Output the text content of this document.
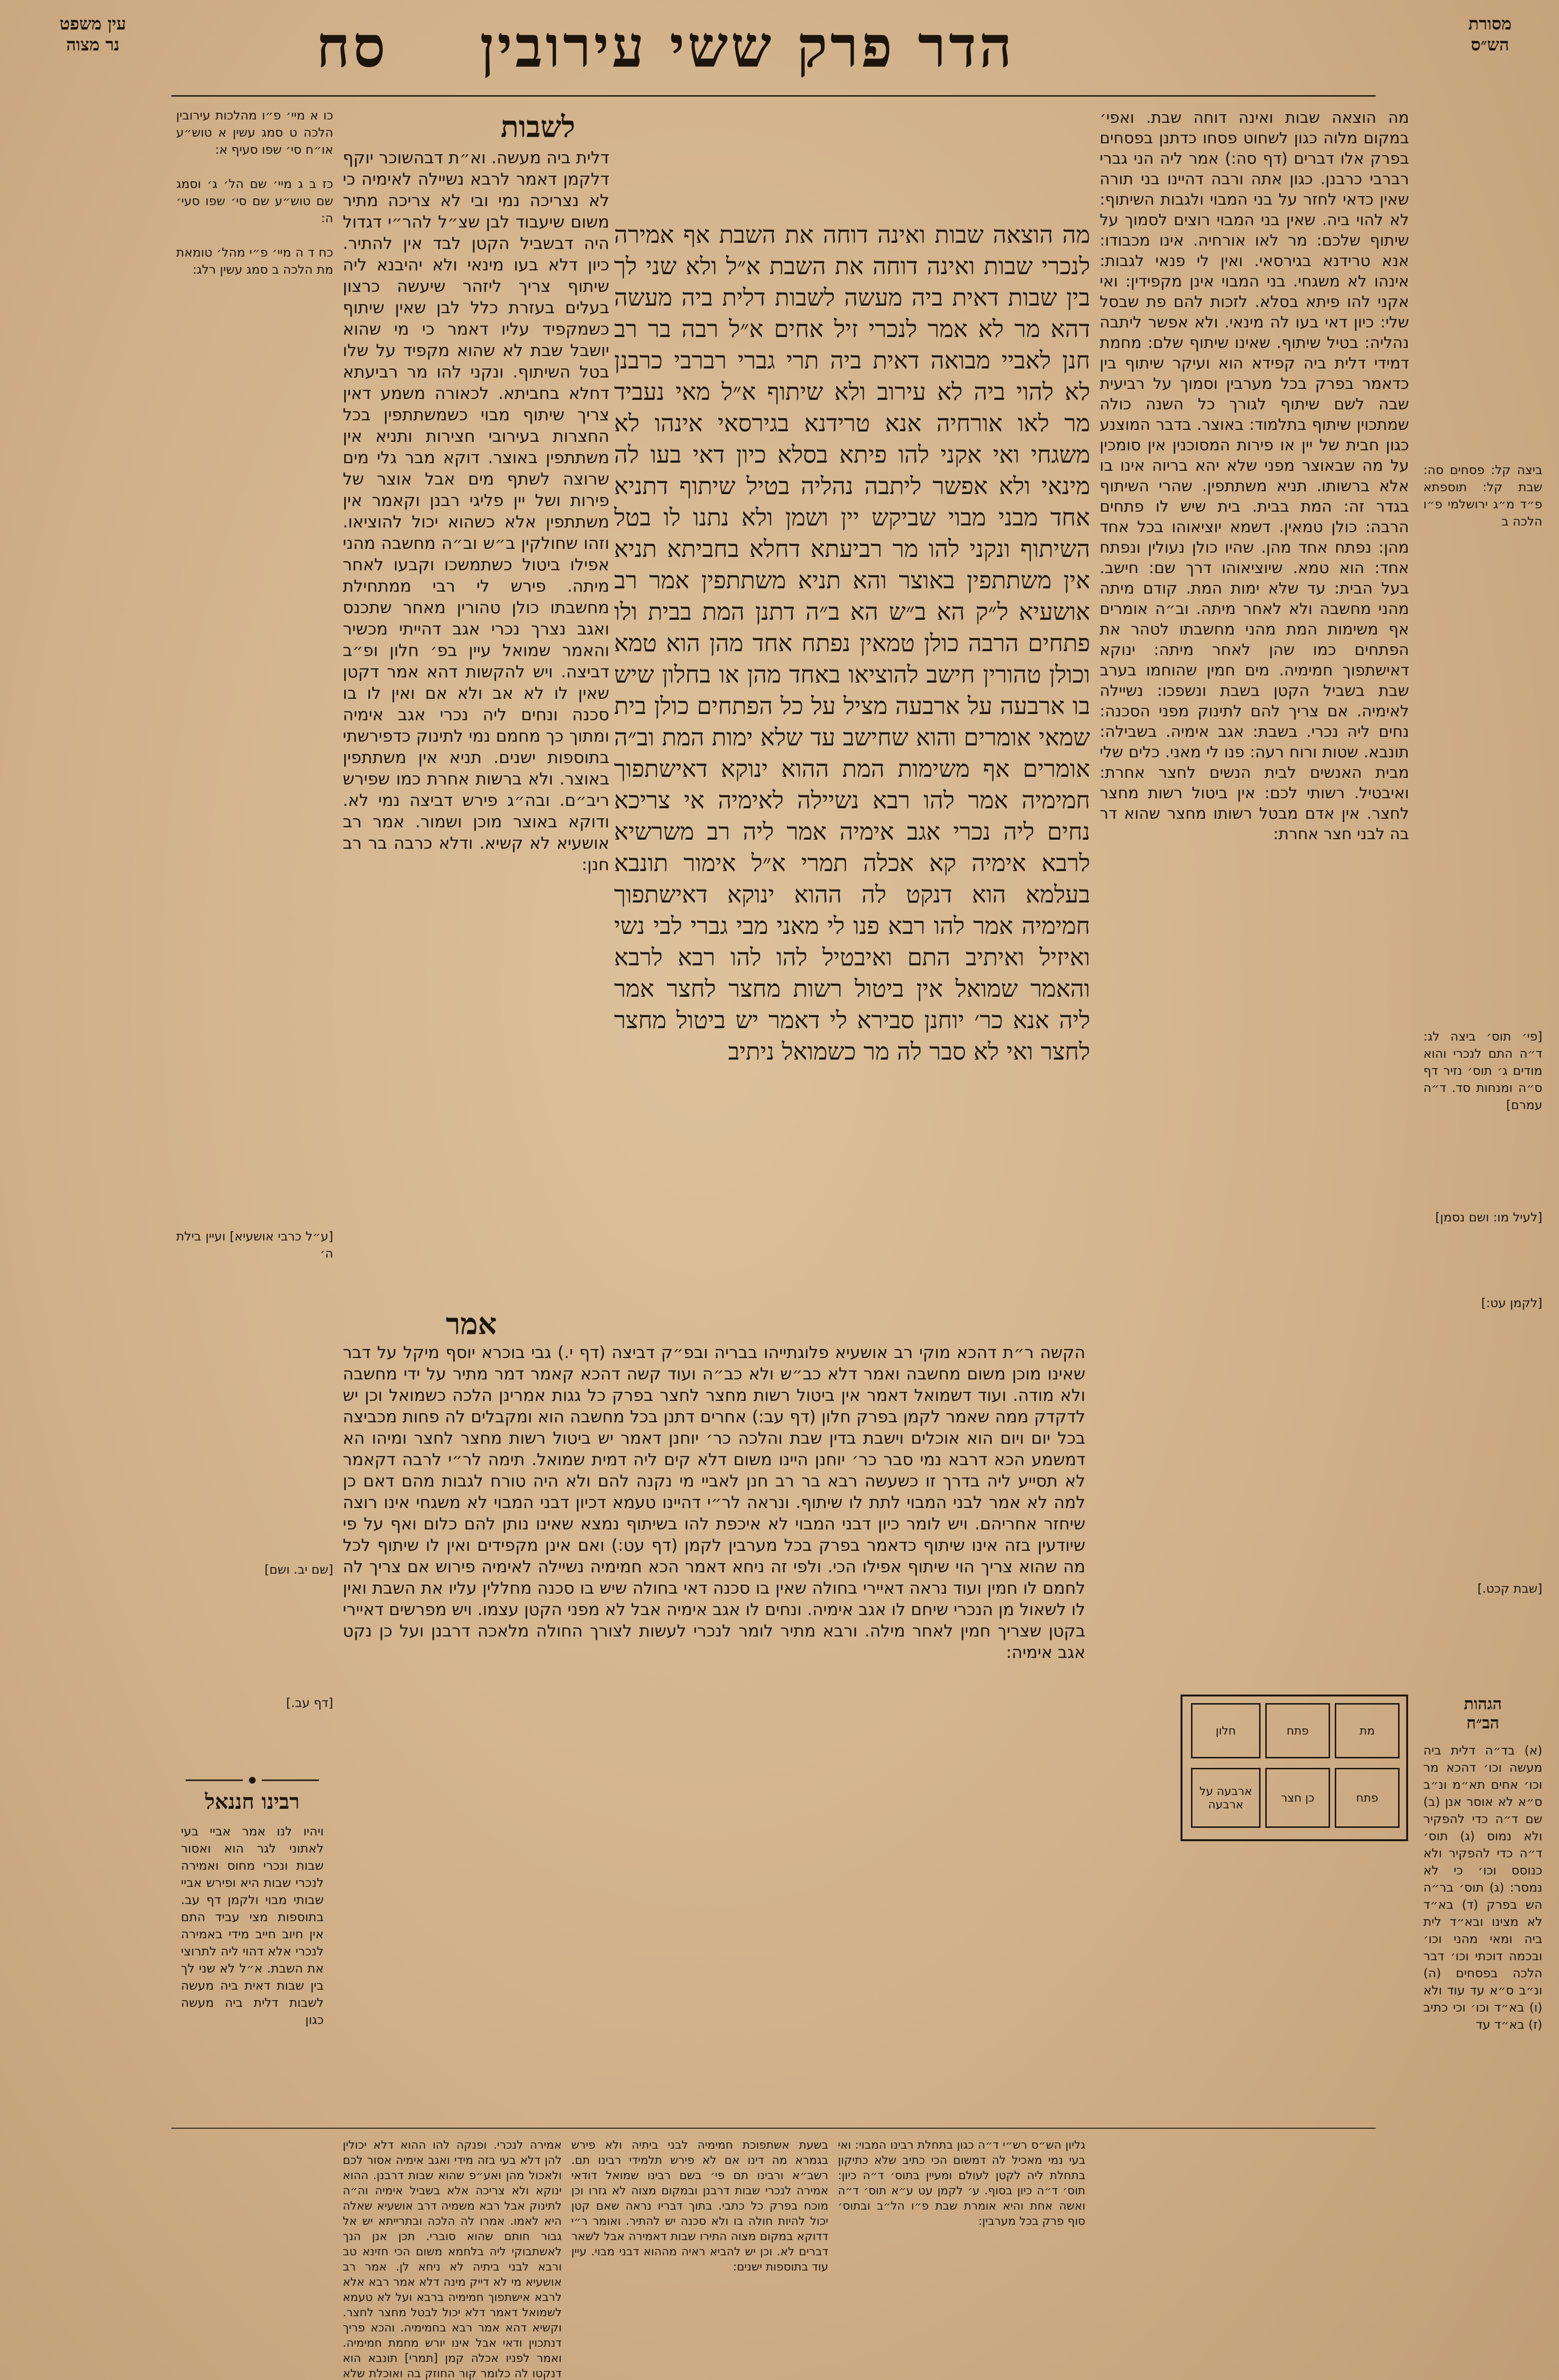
מסורת
הש״ס
הדר פרק ששי עירובין
סח
עין משפט
נר מצוה
מה הוצאה שבות ואינה דוחה שבת. ואפי׳ במקום מלוה כגון לשחוט פסחו כדתנן בפסחים בפרק אלו דברים (דף סה:) אמר ליה הני גברי רברבי כרבנן. כגון אתה ורבה דהיינו בני תורה שאין כדאי לחזר על בני המבוי ולגבות השיתוף: לא להוי ביה. שאין בני המבוי רוצים לסמוך על שיתוף שלכם: מר לאו אורחיה. אינו מכבודו: אנא טרידנא בגירסאי. ואין לי פנאי לגבות: אינהו לא משגחי. בני המבוי אינן מקפידין: ואי אקני להו פיתא בסלא. לזכות להם פת שבסל שלי: כיון דאי בעו לה מינאי. ולא אפשר ליתבה נהליה: בטיל שיתוף. שאינו שיתוף שלם: מחמת דמידי דלית ביה קפידא הוא ועיקר שיתוף בין כדאמר בפרק בכל מערבין וסמוך על רביעית שבה לשם שיתוף לגורך כל השנה כולה שמתכוין שיתוף בתלמוד: באוצר. בדבר המוצנע כגון חבית של יין או פירות המסוכנין אין סומכין על מה שבאוצר מפני שלא יהא בריוה אינו בו אלא ברשותו. תניא משתתפין. שהרי השיתוף בגדר זה: המת בבית. בית שיש לו פתחים הרבה: כולן טמאין. דשמא יוציאוהו בכל אחד מהן: נפתח אחד מהן. שהיו כולן נעולין ונפתח אחד: הוא טמא. שיוציאוהו דרך שם: חישב. בעל הבית: עד שלא ימות המת. קודם מיתה מהני מחשבה ולא לאחר מיתה. וב״ה אומרים אף משימות המת מהני מחשבתו לטהר את הפתחים כמו שהן לאחר מיתה: ינוקא דאישתפוך חמימיה. מים חמין שהוחמו בערב שבת בשביל הקטן בשבת ונשפכו: נשיילה לאימיה. אם צריך להם לתינוק מפני הסכנה: נחים ליה נכרי. בשבת: אגב אימיה. בשבילה: תונבא. שטות ורוח רעה: פנו לי מאני. כלים שלי מבית האנשים לבית הנשים לחצר אחרת: ואיבטיל. רשותי לכם: אין ביטול רשות מחצר לחצר. אין אדם מבטל רשותו מחצר שהוא דר בה לבני חצר אחרת:
ביצה קל: פסחים סה: שבת קל: תוספתא פ״ד מ״ג ירושלמי פ״ו הלכה ב
[פי׳ תוס׳ ביצה לג: ד״ה התם לנכרי והוא מודים ג׳ תוס׳ נזיר דף ס״ה ומנחות סד. ד״ה עמרם]
[לעיל מו: ושם נסמן]
[לקמן עט:]
[שבת קכט.]
הגהות
הב״ח
(א) בד״ה דלית ביה מעשה וכו׳ דהכא מר וכו׳ אחים תא״מ ונ״ב ס״א לא אוסר אנן (ב) שם ד״ה כדי להפקיר ולא נמוס (ג) תוס׳ ד״ה כדי להפקיר ולא כנוסס וכו׳ כי לא נמסר: (ג) תוס׳ בר״ה הש בפרק (ד) בא״ד לא מצינו ובא״ד לית ביה ומאי מהני וכו׳ ובכמה דוכתי וכו׳ דבר הלכה בפסחים (ה) ונ״ב ס״א עד עוד ולא (ו) בא״ד וכו׳ וכי כתיב (ז) בא״ד עד
מה הוצאה שבות ואינה דוחה את השבת אף אמירה לנכרי שבות ואינה דוחה את השבת א״ל ולא שני לך בין שבות דאית ביה מעשה לשבות דלית ביה מעשה דהא מר לא אמר לנכרי זיל אחים א״ל רבה בר רב חנן לאביי מבואה דאית ביה תרי גברי רברבי כרבנן לא להוי ביה לא עירוב ולא שיתוף א״ל מאי נעביד מר לאו אורחיה אנא טרידנא בגירסאי אינהו לא משגחי ואי אקני להו פיתא בסלא כיון דאי בעו לה מינאי ולא אפשר ליתבה נהליה בטיל שיתוף דתניא אחד מבני מבוי שביקש יין ושמן ולא נתנו לו בטל השיתוף ונקני להו מר רביעתא דחלא בחביתא תניא אין משתתפין באוצר והא תניא משתתפין אמר רב אושעיא ל״ק הא ב״ש הא ב״ה דתנן המת בבית ולו פתחים הרבה כולן טמאין נפתח אחד מהן הוא טמא וכולן טהורין חישב להוציאו באחד מהן או בחלון שיש בו ארבעה על ארבעה מציל על כל הפתחים כולן בית שמאי אומרים והוא שחישב עד שלא ימות המת וב״ה אומרים אף משימות המת ההוא ינוקא דאישתפוך חמימיה אמר להו רבא נשיילה לאימיה אי צריכא נחים ליה נכרי אגב אימיה אמר ליה רב משרשיא לרבא אימיה קא אכלה תמרי א״ל אימור תונבא בעלמא הוא דנקט לה ההוא ינוקא דאישתפוך חמימיה אמר להו רבא פנו לי מאני מבי גברי לבי נשי ואיזיל ואיתיב התם ואיבטיל להו להו רבא לרבא והאמר שמואל אין ביטול רשות מחצר לחצר אמר ליה אנא כר׳ יוחנן סבירא לי דאמר יש ביטול מחצר לחצר ואי לא סבר לה מר כשמואל ניתיב
לשבות
דלית ביה מעשה. וא״ת דבהשוכר יוקף דלקמן דאמר לרבא נשיילה לאימיה כי לא נצריכה נמי ובי לא צריכה מתיר משום שיעבוד לבן שצ״ל להר״י דגדול היה דבשביל הקטן לבד אין להתיר. כיון דלא בעו מינאי ולא יהיבנא ליה שיתוף צריך ליזהר שיעשה כרצון בעלים בעזרת כלל לבן שאין שיתוף כשמקפיד עליו דאמר כי מי שהוא יושבל שבת לא שהוא מקפיד על שלו בטל השיתוף. ונקני להו מר רביעתא דחלא בחביתא. לכאורה משמע דאין צריך שיתוף מבוי כשמשתתפין בכל החצרות בעירובי חצירות ותניא אין משתתפין באוצר. דוקא מבר גלי מים שרוצה לשתף מים אבל אוצר של פירות ושל יין פליגי רבנן וקאמר אין משתתפין אלא כשהוא יכול להוציאו. וזהו שחולקין ב״ש וב״ה מחשבה מהני אפילו ביטול כשתמשכו וקבעו לאחר מיתה. פירש לי רבי ממתחילת מחשבתו כולן טהורין מאחר שתכנס ואגב נצרך נכרי אגב דהייתי מכשיר והאמר שמואל עיין בפ׳ חלון ופ״ב דביצה. ויש להקשות דהא אמר דקטן שאין לו לא אב ולא אם ואין לו בו סכנה ונחים ליה נכרי אגב אימיה ומתוך כך מחמם נמי לתינוק כדפירשתי בתוספות ישנים. תניא אין משתתפין באוצר. ולא ברשות אחרת כמו שפירש ריב״ם. ובה״ג פירש דביצה נמי לא. ודוקא באוצר מוכן ושמור. אמר רב אושעיא לא קשיא. ודלא כרבה בר רב חנן:
כו א מיי׳ פ״ו מהלכות עירובין הלכה ט סמג עשין א טוש״ע או״ח סי׳ שפו סעיף א:

כז ב ג מיי׳ שם הל׳ ג׳ וסמג שם טוש״ע שם סי׳ שפו סעי׳ ה:

כח ד ה מיי׳ פ״י מהל׳ טומאת מת הלכה ב סמג עשין רלג:
[ע״ל כרבי אושעיא] ועיין בילת ה׳
[שם יב. ושם]
[דף עב.]
אמר
הקשה ר״ת דהכא מוקי רב אושעיא פלוגתייהו בבריה ובפ״ק דביצה (דף י.) גבי בוכרא יוסף מיקל על דבר שאינו מוכן משום מחשבה ואמר דלא כב״ש ולא כב״ה ועוד קשה דהכא קאמר דמר מתיר על ידי מחשבה ולא מודה. ועוד דשמואל דאמר אין ביטול רשות מחצר לחצר בפרק כל גגות אמרינן הלכה כשמואל וכן יש לדקדק ממה שאמר לקמן בפרק חלון (דף עב:) אחרים דתנן בכל מחשבה הוא ומקבלים לה פחות מכביצה בכל יום ויום הוא אוכלים וישבת בדין שבת והלכה כר׳ יוחנן דאמר יש ביטול רשות מחצר לחצר ומיהו הא דמשמע הכא דרבא נמי סבר כר׳ יוחנן היינו משום דלא קים ליה דמית שמואל. תימה לר״י לרבה דקאמר לא תסייע ליה בדרך זו כשעשה רבא בר רב חנן לאביי מי נקנה להם ולא היה טורח לגבות מהם דאם כן למה לא אמר לבני המבוי לתת לו שיתוף. ונראה לר״י דהיינו טעמא דכיון דבני המבוי לא משגחי אינו רוצה שיחזר אחריהם. ויש לומר כיון דבני המבוי לא איכפת להו בשיתוף נמצא שאינו נותן להם כלום ואף על פי שיודעין בזה אינו שיתוף כדאמר בפרק בכל מערבין לקמן (דף עט:) ואם אינן מקפידים ואין לו שיתוף לכל מה שהוא צריך הוי שיתוף אפילו הכי. ולפי זה ניחא דאמר הכא חמימיה נשיילה לאימיה פירוש אם צריך לה לחמם לו חמין ועוד נראה דאיירי בחולה שאין בו סכנה דאי בחולה שיש בו סכנה מחללין עליו את השבת ואין לו לשאול מן הנכרי שיחם לו אגב אימיה. ונחים לו אגב אימיה אבל לא מפני הקטן עצמו. ויש מפרשים דאיירי בקטן שצריך חמין לאחר מילה. ורבא מתיר לומר לנכרי לעשות לצורך החולה מלאכה דרבנן ועל כן נקט אגב אימיה:
מת
פתח
חלון
פתח
כן חצר
ארבעה על ארבעה
רבינו חננאל
ויהיו לנו אמר אביי בעי לאתוני לגר הוא ואסור שבות ונכרי מחוס ואמירה לנכרי שבות היא ופירש אביי שבותי מבוי ולקמן דף עב. בתוספות מצי עביד התם אין חיוב חייב מידי באמירה לנכרי אלא דהוי ליה לתרוצי את השבת. א״ל לא שני לך בין שבות דאית ביה מעשה לשבות דלית ביה מעשה כגון
גליון הש״ס רש״י ד״ה כגון בתחלת רבינו המבוי: ואי בעי נמי מאכיל לה דמשום הכי כתיב שלא כתיקון בתחלת ליה לקטן לעולם ומעיין בתוס׳ ד״ה כיון: תוס׳ ד״ה כיון בסוף. ע׳ לקמן עט ע״א תוס׳ ד״ה ואשה אחת והיא אומרת שבת פ״ו הל״ב ובתוס׳ סוף פרק בכל מערבין:
בשעת אשתפוכת חמימיה לבני ביתיה ולא פירש בגמרא מה דינו אם לא פירש תלמידי רבינו תם. רשב״א ורבינו תם פי׳ בשם רבינו שמואל דודאי אמירה לנכרי שבות דרבנן ובמקום מצוה לא גזרו וכן מוכח בפרק כל כתבי. בתוך דבריו נראה שאם קטן יכול להיות חולה בו ולא סכנה יש להתיר. ואומר ר״י דדוקא במקום מצוה התירו שבות דאמירה אבל לשאר דברים לא. וכן יש להביא ראיה מההוא דבני מבוי. עיין עוד בתוספות ישנים:
אמירה לנכרי. ופנקה להו ההוא דלא יכולין להן דלא בעי בזה מידי ואגב אימיה אסור לכם ולאכול מהן ואע״פ שהוא שבות דרבנן. ההוא ינוקא ולא צריכה אלא בשביל אימיה וה״ה לתינוק אבל רבא משמיה דרב אושעיא שאלה היא לאמו. אמרו לה הלכה ובתרייתא יש אל גבור חותם שהוא סוברי. תכן אנן הנך לאשתבוקי ליה בלחמא משום הכי חזינא טב ורבא לבני ביתיה לא ניחא לן. אמר רב אושעיא מי לא דייק מינה דלא אמר רבא אלא לרבא אישתפוך חמימיה ברבא ועל לא טעמא לשמואל דאמר דלא יכול לבטל מחצר לחצר. וקשיא דהא אמר רבא בחמימיה. והכא פריך דנתכוין ודאי אבל אינו יורש מחמת חמימיה. ואמר לפניו אכלה קמן [תמרי] תונבא הוא דנקטו לה כלומר קור החוזק בה ואוכלת שלא
